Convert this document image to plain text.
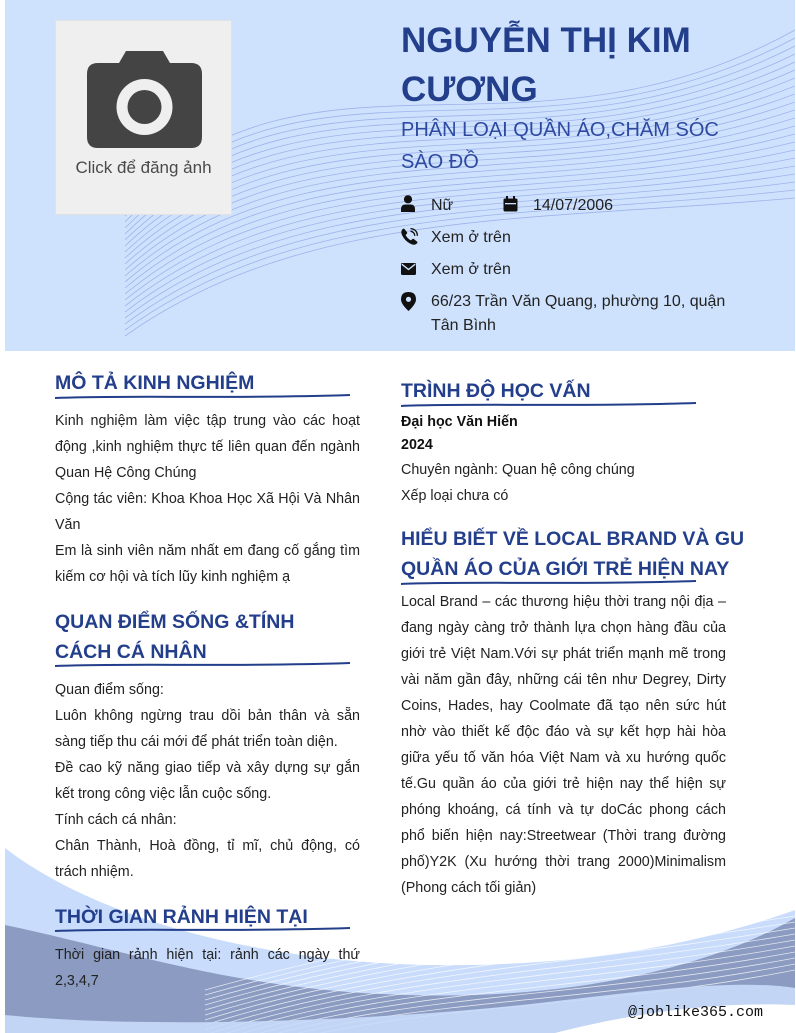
Click để đăng ảnh
NGUYỄN THỊ KIM CƯƠNG
PHÂN LOẠI QUẦN ÁO,CHĂM SÓC SÀO ĐỒ
Nữ	14/07/2006
Xem ở trên
Xem ở trên
66/23 Trần Văn Quang, phường 10, quận Tân Bình
MÔ TẢ KINH NGHIỆM
Kinh nghiệm làm việc tập trung vào các hoạt động ,kinh nghiệm thực tế liên quan đến ngành Quan Hệ Công Chúng
Cộng tác viên: Khoa Khoa Học Xã Hội Và Nhân Văn
Em là sinh viên năm nhất em đang cố gắng tìm kiếm cơ hội và tích lũy kinh nghiệm ạ
QUAN ĐIỂM SỐNG &TÍNH
CÁCH CÁ NHÂN
Quan điểm sống:
Luôn không ngừng trau dồi bản thân và sẵn sàng tiếp thu cái mới để phát triển toàn diện.
Đề cao kỹ năng giao tiếp và xây dựng sự gắn kết trong công việc lẫn cuộc sống.
Tính cách cá nhân:
Chân Thành, Hoà đồng, tỉ mĩ, chủ động, có trách nhiệm.
THỜI GIAN RẢNH HIỆN TẠI
Thời gian rảnh hiện tại: rảnh các ngày thứ 2,3,4,7
TRÌNH ĐỘ HỌC VẤN
Đại học Văn Hiến
2024
Chuyên ngành: Quan hệ công chúng
Xếp loại chưa có
HIỂU BIẾT VỀ LOCAL BRAND VÀ GU
QUẦN ÁO CỦA GIỚI TRẺ HIỆN NAY
Local Brand – các thương hiệu thời trang nội địa – đang ngày càng trở thành lựa chọn hàng đầu của giới trẻ Việt Nam.Với sự phát triển mạnh mẽ trong vài năm gần đây, những cái tên như Degrey, Dirty Coins, Hades, hay Coolmate đã tạo nên sức hút nhờ vào thiết kế độc đáo và sự kết hợp hài hòa giữa yếu tố văn hóa Việt Nam và xu hướng quốc tế.Gu quần áo của giới trẻ hiện nay thể hiện sự phóng khoáng, cá tính và tự doCác phong cách phổ biến hiện nay:Streetwear (Thời trang đường phố)Y2K (Xu hướng thời trang 2000)Minimalism (Phong cách tối giản)
@joblike365.com
